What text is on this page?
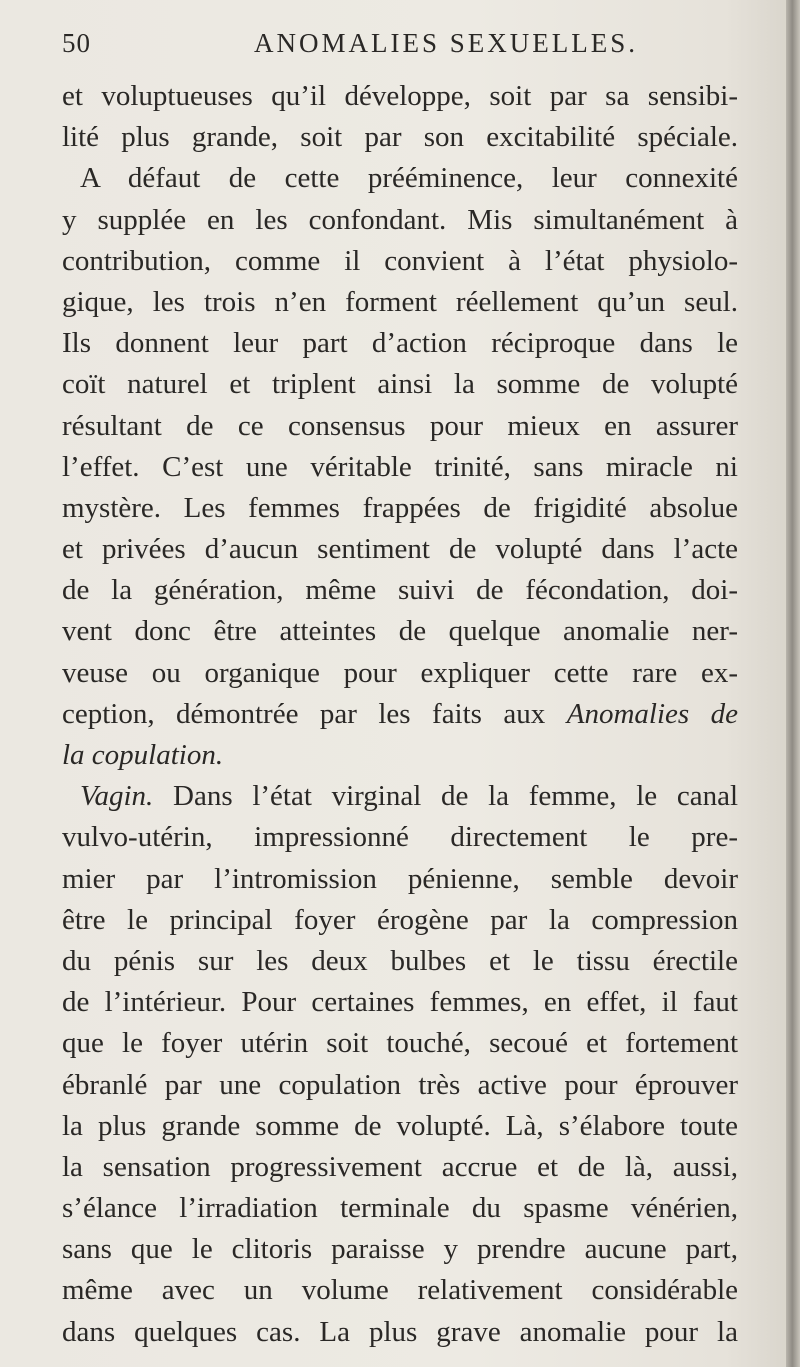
50	ANOMALIES SEXUELLES.
et voluptueuses qu’il développe, soit par sa sensibi-
lité plus grande, soit par son excitabilité spéciale.
A défaut de cette prééminence, leur connexité
y supplée en les confondant. Mis simultanément à
contribution, comme il convient à l’état physiolo-
gique, les trois n’en forment réellement qu’un seul.
Ils donnent leur part d’action réciproque dans le
coït naturel et triplent ainsi la somme de volupté
résultant de ce consensus pour mieux en assurer
l’effet. C’est une véritable trinité, sans miracle ni
mystère. Les femmes frappées de frigidité absolue
et privées d’aucun sentiment de volupté dans l’acte
de la génération, même suivi de fécondation, doi-
vent donc être atteintes de quelque anomalie ner-
veuse ou organique pour expliquer cette rare ex-
ception, démontrée par les faits aux Anomalies de
la copulation.
Vagin. Dans l’état virginal de la femme, le canal
vulvo-utérin, impressionné directement le pre-
mier par l’intromission pénienne, semble devoir
être le principal foyer érogène par la compression
du pénis sur les deux bulbes et le tissu érectile
de l’intérieur. Pour certaines femmes, en effet, il faut
que le foyer utérin soit touché, secoué et fortement
ébranlé par une copulation très active pour éprouver
la plus grande somme de volupté. Là, s’élabore toute
la sensation progressivement accrue et de là, aussi,
s’élance l’irradiation terminale du spasme vénérien,
sans que le clitoris paraisse y prendre aucune part,
même avec un volume relativement considérable
dans quelques cas. La plus grave anomalie pour la
